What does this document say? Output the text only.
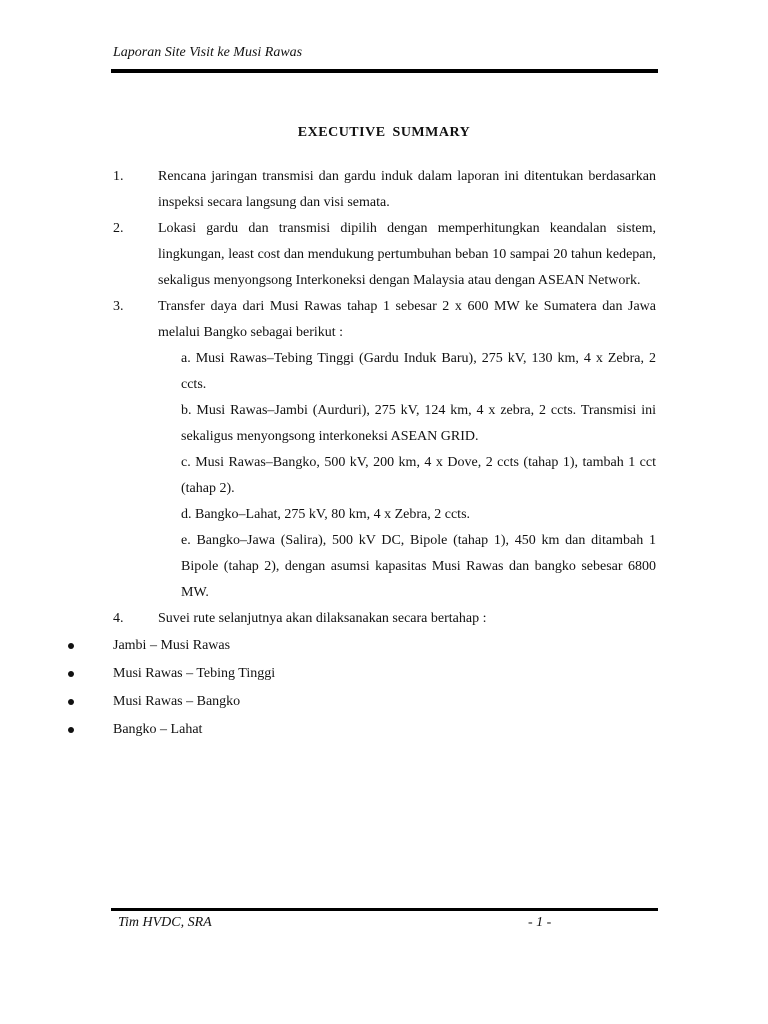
Laporan Site Visit ke Musi Rawas
EXECUTIVE SUMMARY
1. Rencana jaringan transmisi dan gardu induk dalam laporan ini ditentukan berdasarkan inspeksi secara langsung dan visi semata.
2. Lokasi gardu dan transmisi dipilih dengan memperhitungkan keandalan sistem, lingkungan, least cost dan mendukung pertumbuhan beban 10 sampai 20 tahun kedepan, sekaligus menyongsong Interkoneksi dengan Malaysia atau dengan ASEAN Network.
3. Transfer daya dari Musi Rawas tahap 1 sebesar 2 x 600 MW ke Sumatera dan Jawa melalui Bangko sebagai berikut :
a. Musi Rawas–Tebing Tinggi (Gardu Induk Baru), 275 kV, 130 km, 4 x Zebra, 2 ccts.
b. Musi Rawas–Jambi (Aurduri), 275 kV, 124 km, 4 x zebra, 2 ccts. Transmisi ini sekaligus menyongsong interkoneksi ASEAN GRID.
c. Musi Rawas–Bangko, 500 kV, 200 km, 4 x Dove, 2 ccts (tahap 1), tambah 1 cct (tahap 2).
d. Bangko–Lahat, 275 kV, 80 km, 4 x Zebra, 2 ccts.
e. Bangko–Jawa (Salira), 500 kV DC, Bipole (tahap 1), 450 km dan ditambah 1 Bipole (tahap 2), dengan asumsi kapasitas Musi Rawas dan bangko sebesar 6800 MW.
4. Suvei rute selanjutnya akan dilaksanakan secara bertahap :
Jambi – Musi Rawas
Musi Rawas – Tebing Tinggi
Musi Rawas – Bangko
Bangko – Lahat
Tim HVDC, SRA	- 1 -
